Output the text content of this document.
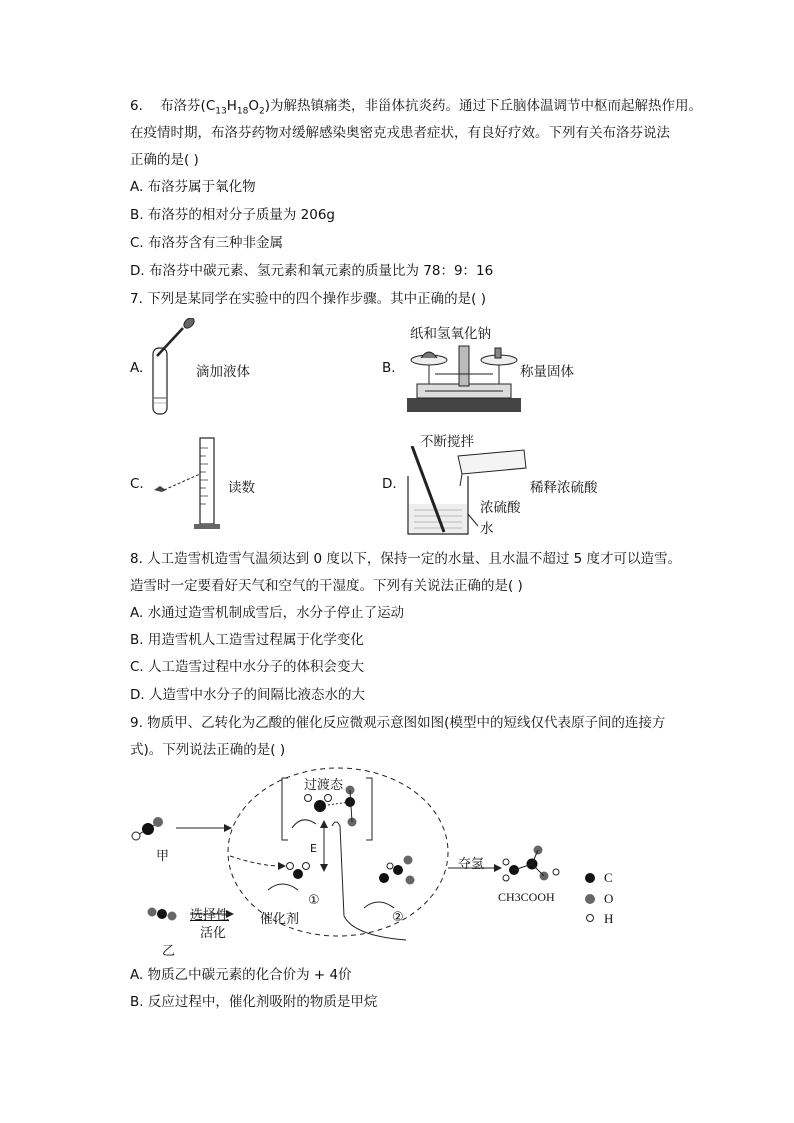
6. 布洛芬$(C_{13}H_{18}O_2)$为解热镇痛类，非甾体抗炎药。通过下丘脑体温调节中枢而起解热作用。
在疫情时期，布洛芬药物对缓解感染奥密克戎患者症状，有良好疗效。下列有关布洛芬说法
正确的是( )
A. 布洛芬属于氧化物
B. 布洛芬的相对分子质量为 206g
C. 布洛芬含有三种非金属
D. 布洛芬中碳元素、氢元素和氧元素的质量比为 78：9：16
7. 下列是某同学在实验中的四个操作步骤。其中正确的是( )
A.	滴加液体	B.
纸和氢氧化钠
称量固体
C.	读数	D.
不断搅拌
稀释浓硫酸
浓硫酸
水
8. 人工造雪机造雪气温须达到 0 度以下，保持一定的水量、且水温不超过 5 度才可以造雪。
造雪时一定要看好天气和空气的干湿度。下列有关说法正确的是( )
A. 水通过造雪机制成雪后，水分子停止了运动
B. 用造雪机人工造雪过程属于化学变化
C. 人工造雪过程中水分子的体积会变大
D. 人造雪中水分子的间隔比液态水的大
9. 物质甲、乙转化为乙酸的催化反应微观示意图如图(模型中的短线仅代表原子间的连接方
式)。下列说法正确的是( )
过渡态
甲
E
①
②
催化剂
夺氢
CH3COOH
C
O
H
选择性
活化
乙
A. 物质乙中碳元素的化合价为 + 4价
B. 反应过程中，催化剂吸附的物质是甲烷
